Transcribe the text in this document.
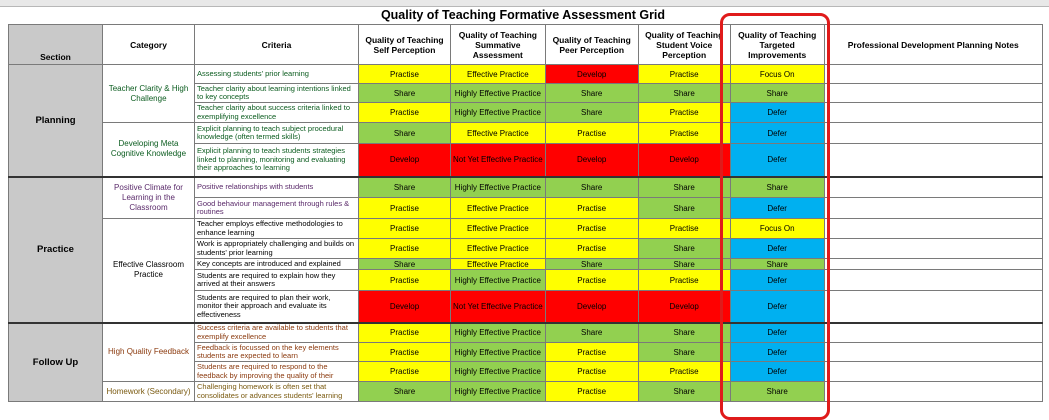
Quality of Teaching Formative Assessment Grid
Section	Category	Criteria	Quality of Teaching Self Perception	Quality of Teaching Summative Assessment	Quality of Teaching Peer Perception	Quality of Teaching Student Voice Perception	Quality of Teaching Targeted Improvements	Professional Development Planning Notes
Planning	Teacher Clarity & High Challenge	Assessing students' prior learning	Practise	Effective Practice	Develop	Practise	Focus On	
		Teacher clarity about learning intentions linked to key concepts	Share	Highly Effective Practice	Share	Share	Share	
		Teacher clarity about success criteria linked to exemplifying excellence	Practise	Highly Effective Practice	Share	Practise	Defer	
	Developing Meta Cognitive Knowledge	Explicit planning to teach subject procedural knowledge (often termed skills)	Share	Effective Practice	Practise	Practise	Defer	
		Explicit planning to teach students strategies linked to planning, monitoring and evaluating their approaches to learning	Develop	Not Yet Effective Practice	Develop	Develop	Defer	
Practice	Positive Climate for Learning in the Classroom	Positive relationships with students	Share	Highly Effective Practice	Share	Share	Share	
		Good behaviour management through rules & routines	Practise	Effective Practice	Practise	Share	Defer	
	Effective Classroom Practice	Teacher employs effective methodologies to enhance learning	Practise	Effective Practice	Practise	Practise	Focus On	
		Work is appropriately challenging and builds on students' prior learning	Practise	Effective Practice	Practise	Share	Defer	
		Key concepts are introduced and explained	Share	Effective Practice	Share	Share	Share	
		Students are required to explain how they arrived at their answers	Practise	Highly Effective Practice	Practise	Practise	Defer	
		Students are required to plan their work, monitor their approach and evaluate its effectiveness	Develop	Not Yet Effective Practice	Develop	Develop	Defer	
Follow Up	High Quality Feedback	Success criteria are available to students that exemplify excellence	Practise	Highly Effective Practice	Share	Share	Defer	
		Feedback is focussed on the key elements students are expected to learn	Practise	Highly Effective Practice	Practise	Share	Defer	
		Students are required to respond to the feedback by improving the quality of their	Practise	Highly Effective Practice	Practise	Practise	Defer	
	Homework (Secondary)	Challenging homework is often set that consolidates or advances students' learning	Share	Highly Effective Practice	Practise	Share	Share	
